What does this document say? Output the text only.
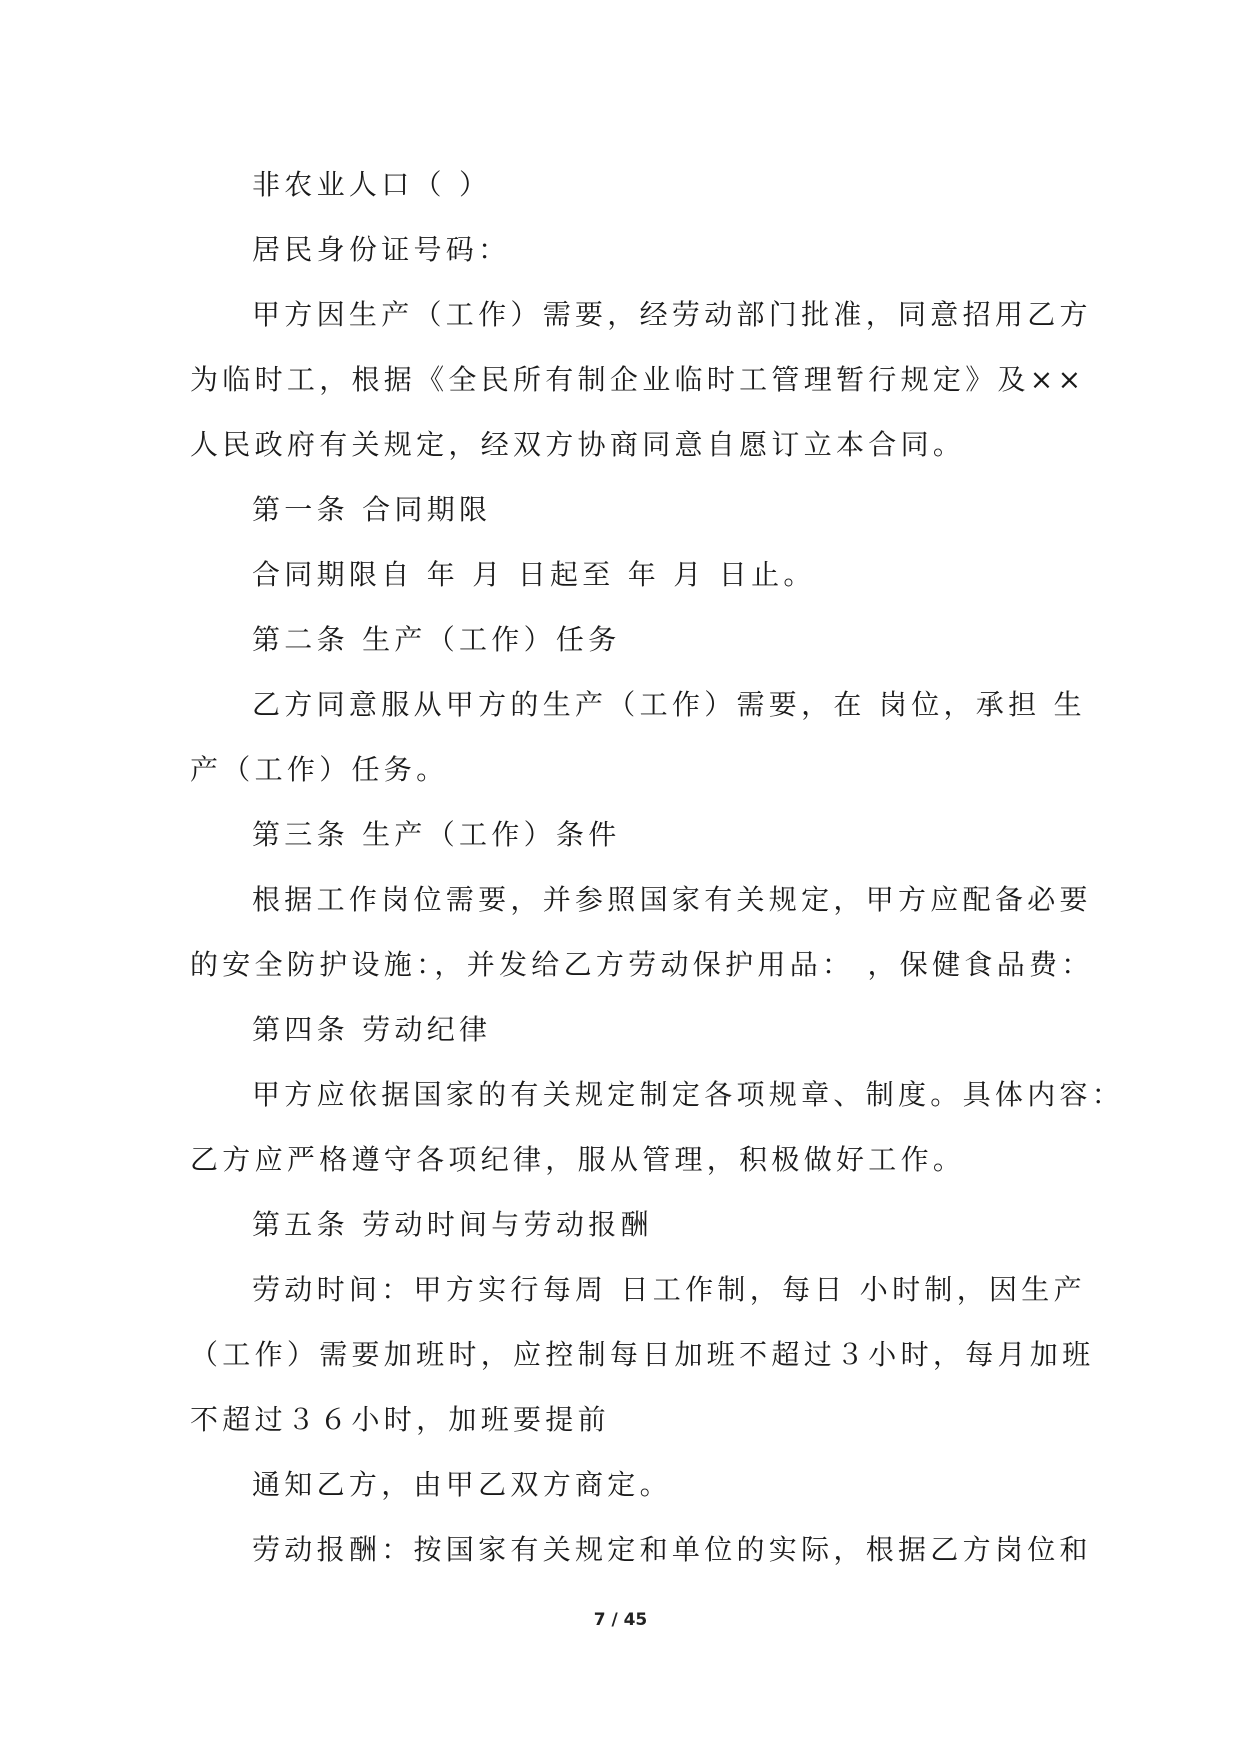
非农业人口（ ）
居民身份证号码：
甲方因生产（工作）需要，经劳动部门批准，同意招用乙方
为临时工，根据《全民所有制企业临时工管理暂行规定》及××
人民政府有关规定，经双方协商同意自愿订立本合同。
第一条 合同期限
合同期限自 年 月 日起至 年 月 日止。
第二条 生产（工作）任务
乙方同意服从甲方的生产（工作）需要，在 岗位，承担 生
产（工作）任务。
第三条 生产（工作）条件
根据工作岗位需要，并参照国家有关规定，甲方应配备必要
的安全防护设施：，并发给乙方劳动保护用品： ，保健食品费：
第四条 劳动纪律
甲方应依据国家的有关规定制定各项规章、制度。具体内容：
乙方应严格遵守各项纪律，服从管理，积极做好工作。
第五条 劳动时间与劳动报酬
劳动时间：甲方实行每周 日工作制，每日 小时制，因生产
（工作）需要加班时，应控制每日加班不超过３小时，每月加班
不超过３６小时，加班要提前
通知乙方，由甲乙双方商定。
劳动报酬：按国家有关规定和单位的实际，根据乙方岗位和
7 / 45
